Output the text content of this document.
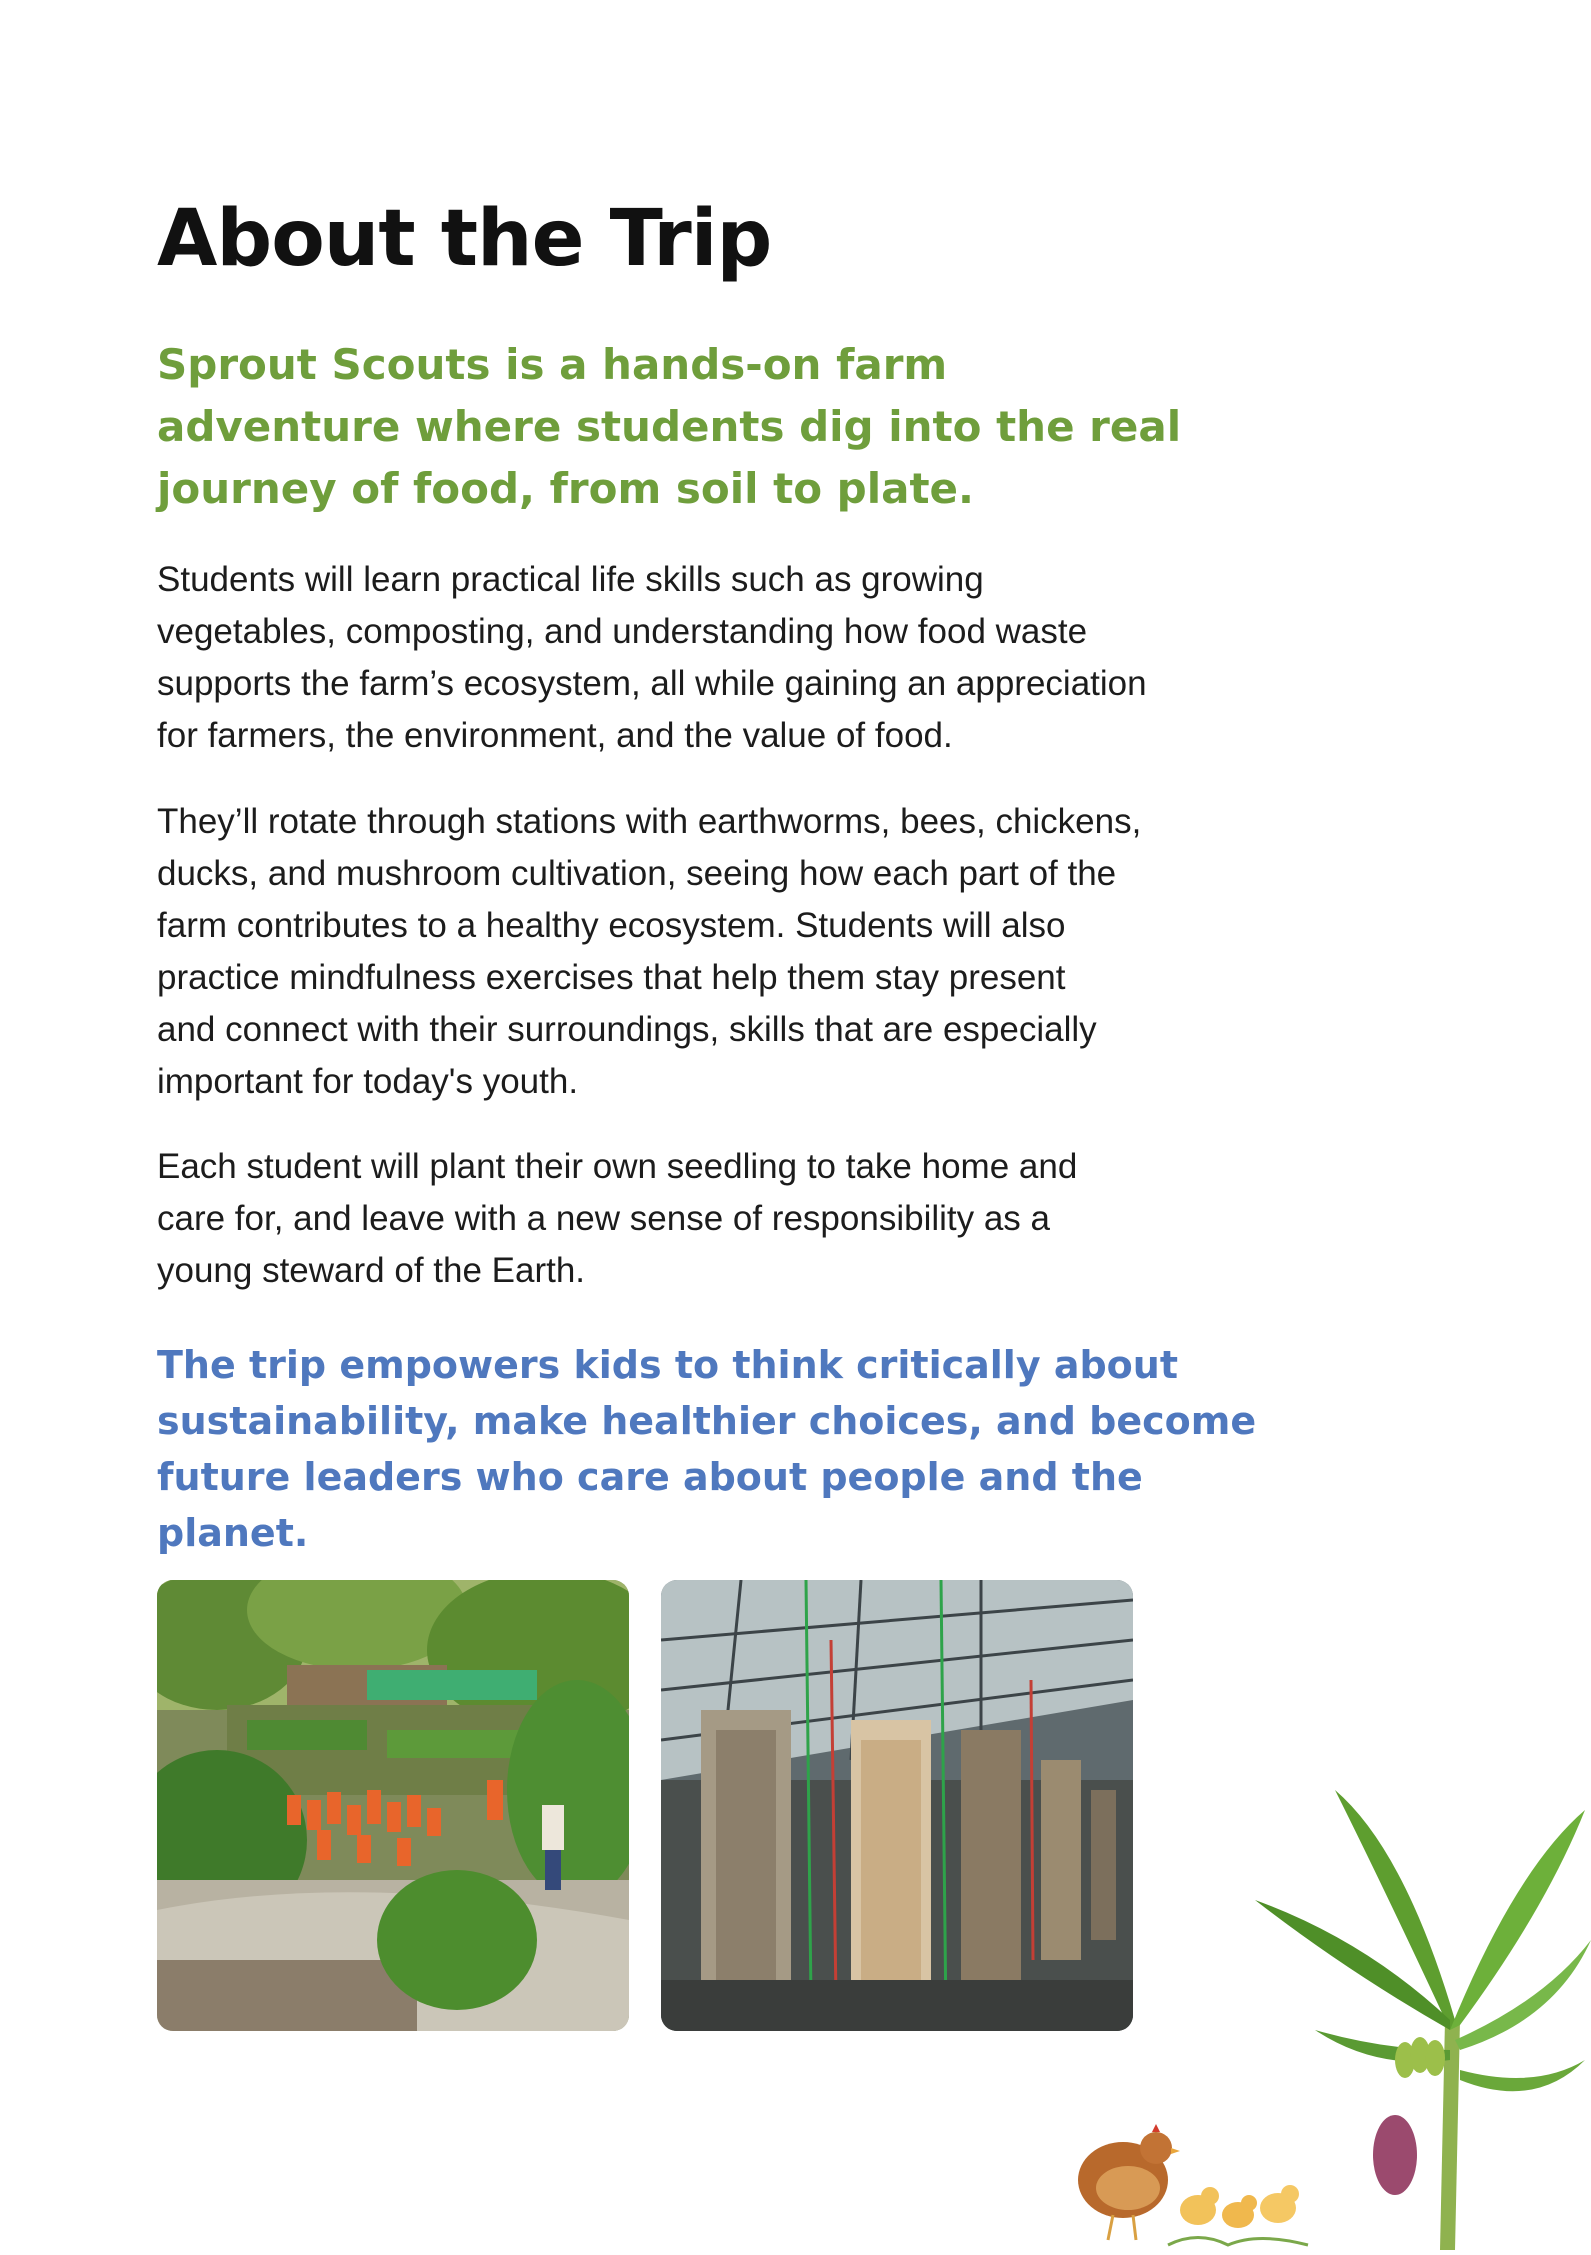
About the Trip

Sprout Scouts is a hands-on farm adventure where students dig into the real journey of food, from soil to plate.

Students will learn practical life skills such as growing
vegetables, composting, and understanding how food waste
supports the farm’s ecosystem, all while gaining an appreciation
for farmers, the environment, and the value of food.

They’ll rotate through stations with earthworms, bees, chickens,
ducks, and mushroom cultivation, seeing how each part of the
farm contributes to a healthy ecosystem. Students will also
practice mindfulness exercises that help them stay present
and connect with their surroundings, skills that are especially
important for today's youth.

Each student will plant their own seedling to take home and
care for, and leave with a new sense of responsibility as a
young steward of the Earth.

The trip empowers kids to think critically about
sustainability, make healthier choices, and become
future leaders who care about people and the planet.
